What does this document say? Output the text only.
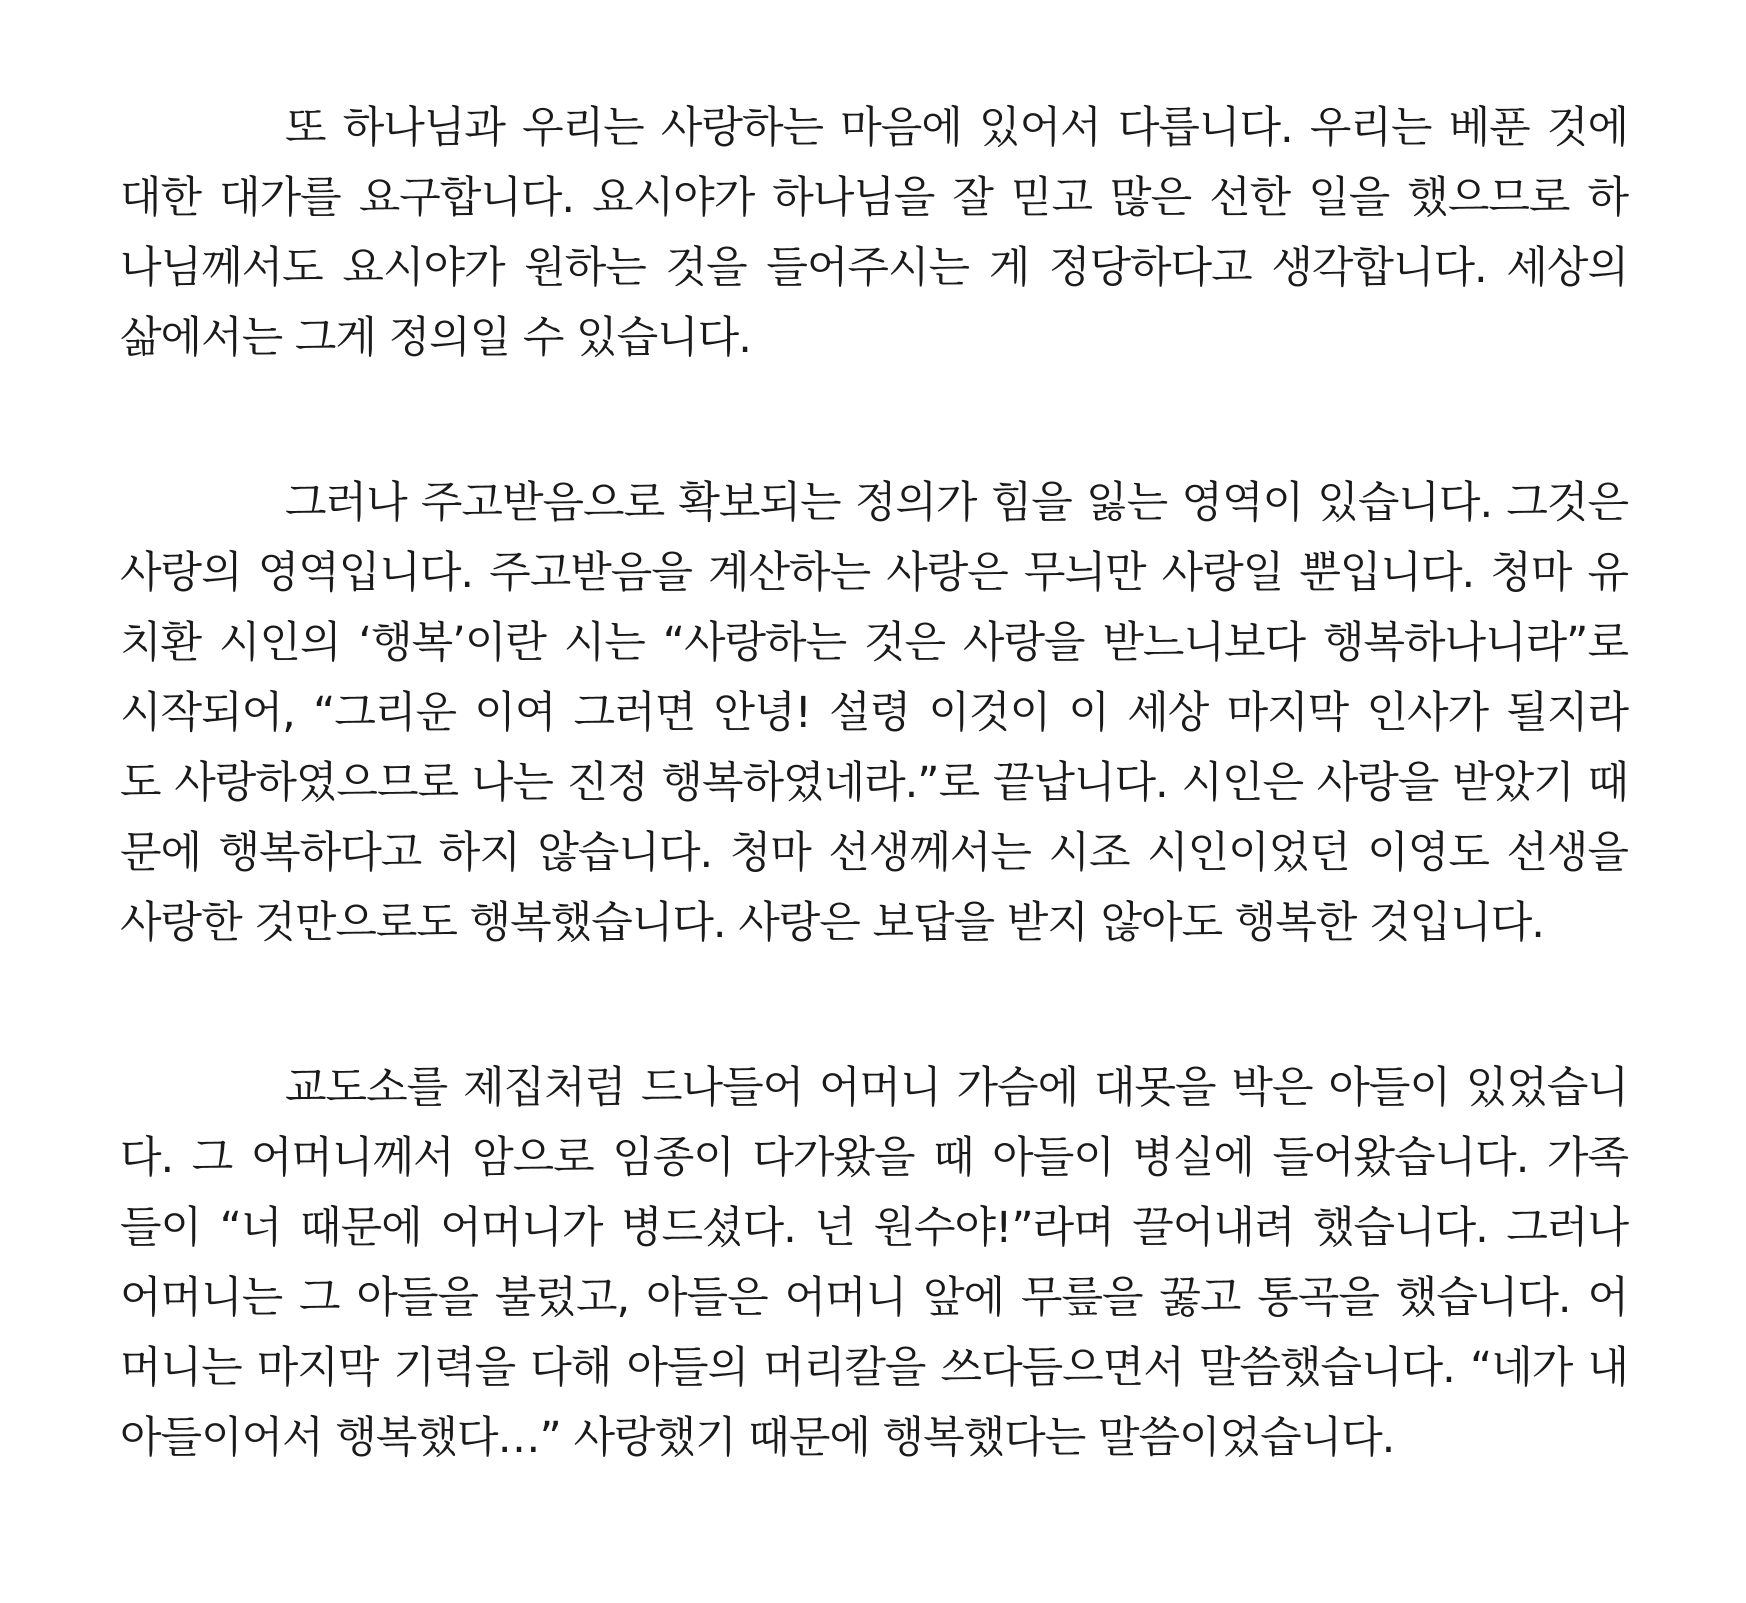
또 하나님과 우리는 사랑하는 마음에 있어서 다릅니다. 우리는 베푼 것에
대한 대가를 요구합니다. 요시야가 하나님을 잘 믿고 많은 선한 일을 했으므로 하
나님께서도 요시야가 원하는 것을 들어주시는 게 정당하다고 생각합니다. 세상의
삶에서는 그게 정의일 수 있습니다.
그러나 주고받음으로 확보되는 정의가 힘을 잃는 영역이 있습니다. 그것은
사랑의 영역입니다. 주고받음을 계산하는 사랑은 무늬만 사랑일 뿐입니다. 청마 유
치환 시인의 ‘행복’이란 시는 “사랑하는 것은 사랑을 받느니보다 행복하나니라”로
시작되어, “그리운 이여 그러면 안녕! 설령 이것이 이 세상 마지막 인사가 될지라
도 사랑하였으므로 나는 진정 행복하였네라.”로 끝납니다. 시인은 사랑을 받았기 때
문에 행복하다고 하지 않습니다. 청마 선생께서는 시조 시인이었던 이영도 선생을
사랑한 것만으로도 행복했습니다. 사랑은 보답을 받지 않아도 행복한 것입니다.
교도소를 제집처럼 드나들어 어머니 가슴에 대못을 박은 아들이 있었습니
다. 그 어머니께서 암으로 임종이 다가왔을 때 아들이 병실에 들어왔습니다. 가족
들이 “너 때문에 어머니가 병드셨다. 넌 원수야!”라며 끌어내려 했습니다. 그러나
어머니는 그 아들을 불렀고, 아들은 어머니 앞에 무릎을 꿇고 통곡을 했습니다. 어
머니는 마지막 기력을 다해 아들의 머리칼을 쓰다듬으면서 말씀했습니다. “네가 내
아들이어서 행복했다…” 사랑했기 때문에 행복했다는 말씀이었습니다.
